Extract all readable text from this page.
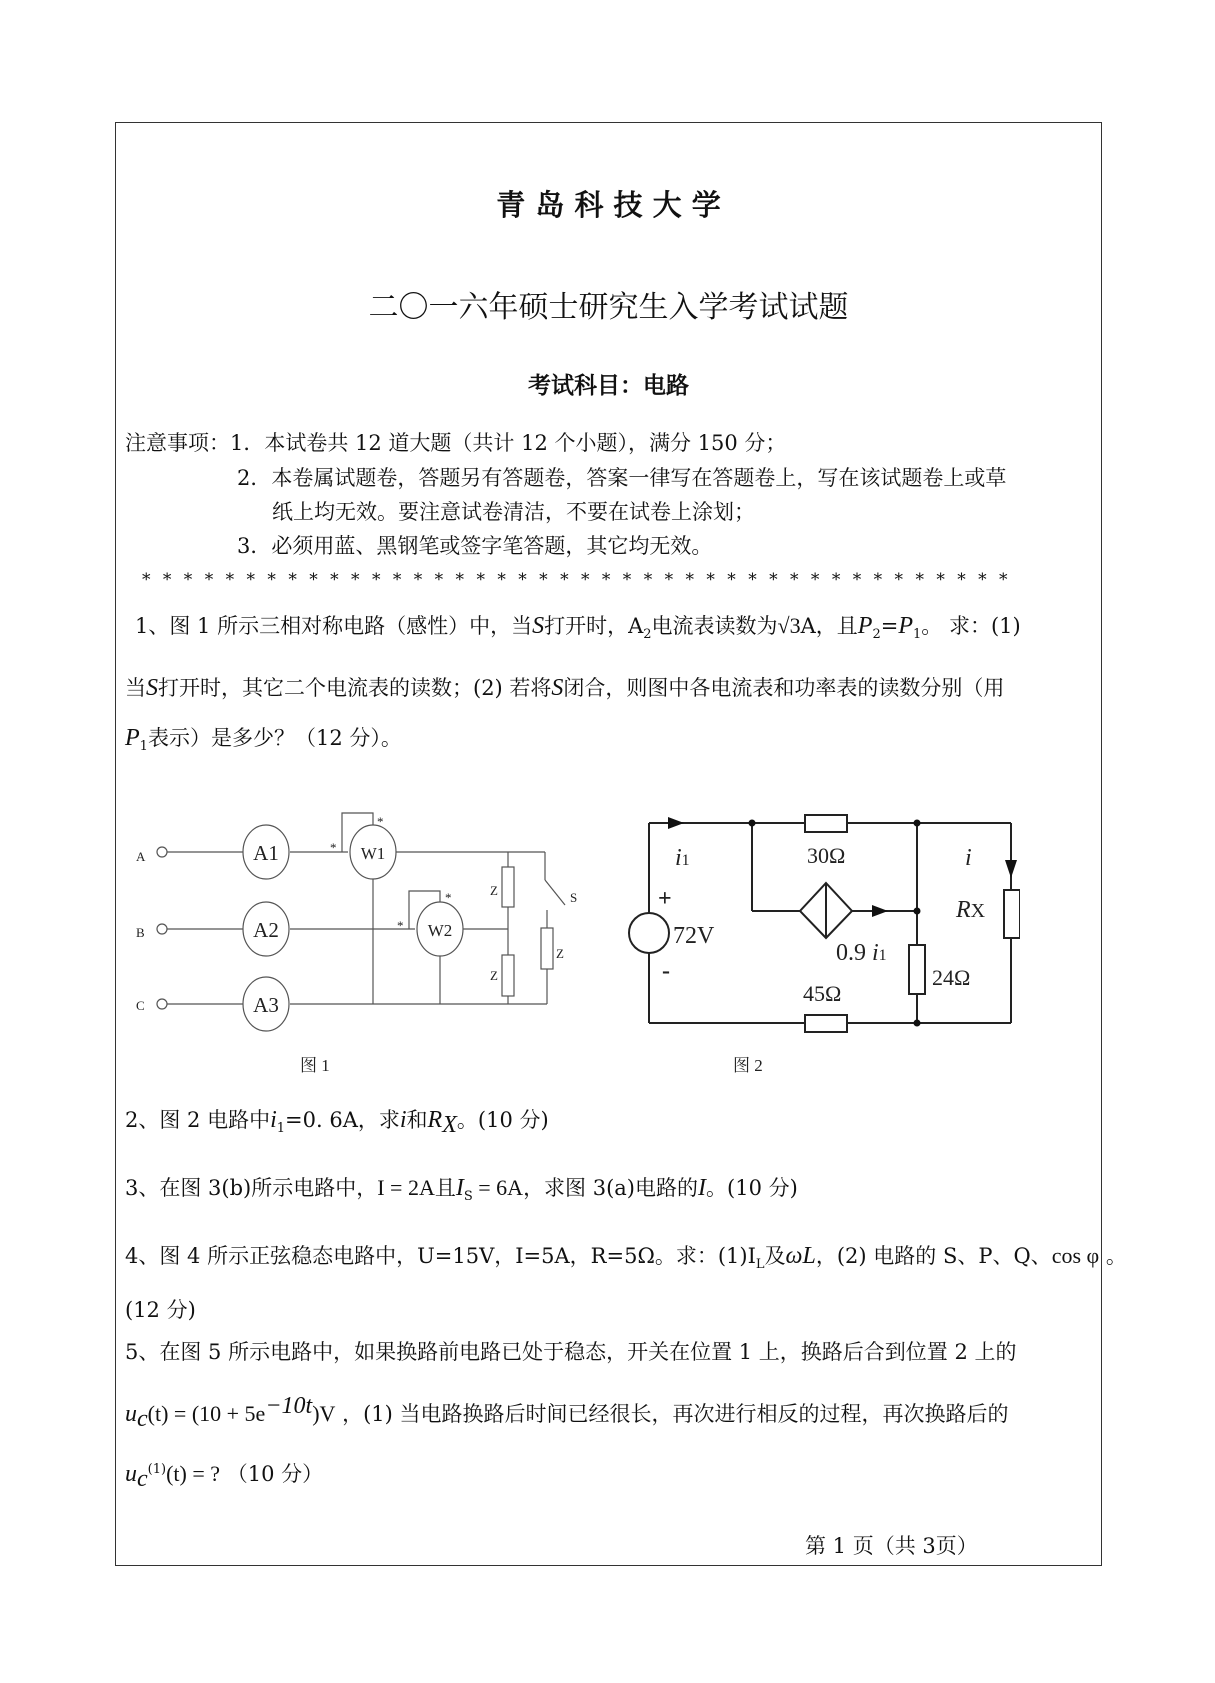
青 岛 科 技 大 学
二〇一六年硕士研究生入学考试试题
考试科目：电路
注意事项：1．本试卷共 12 道大题（共计 12 个小题），满分 150 分；
2．本卷属试题卷，答题另有答题卷，答案一律写在答题卷上，写在该试题卷上或草
纸上均无效。要注意试卷清洁，不要在试卷上涂划；
3．必须用蓝、黑钢笔或签字笔答题，其它均无效。
* * * * * * * * * * * * * * * * * * * * * * * * * * * * * * * * * * * * * * * * * *
1、图 1 所示三相对称电路（感性）中，当S打开时，$A_2$电流表读数为√3A，且$P_2=P_1$。 求：(1)
当S打开时，其它二个电流表的读数；(2) 若将S闭合，则图中各电流表和功率表的读数分别（用
$P_1$表示）是多少？（12 分）。
A
B
C
A1
A2
A3
W1
W2
*
*
*
*	Z
Z
Z
S
图 1
i1
+
-
72V
30Ω
45Ω
24Ω
0.9 i1
i
RX
图 2
2、图 2 电路中$i_1=0$. 6A，求i和$R_X$。(10 分)
3、在图 3(b)所示电路中，I = 2A且$I_S = 6A$，求图 3(a)电路的I。(10 分)
4、图 4 所示正弦稳态电路中，U=15V，I=5A，R=5Ω。求：$(1)I_L$及ωL，(2) 电路的 S、P、Q、cos φ 。
(12 分)
5、在图 5 所示电路中，如果换路前电路已处于稳态，开关在位置 1 上，换路后合到位置 2 上的
$u_c(t) = (10 + 5e^{-10t})V$ ，(1) 当电路换路后时间已经很长，再次进行相反的过程，再次换路后的
$u_c^{(1)}(t)$ = ? （10 分）
第 1 页（共 3页）
